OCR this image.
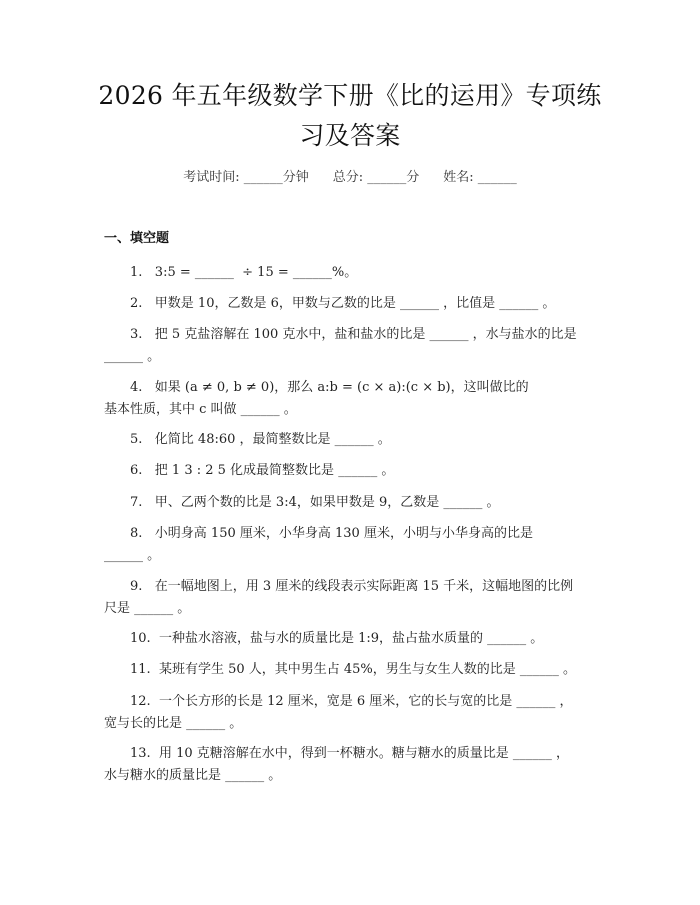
2026 年五年级数学下册《比的运用》专项练
习及答案
考试时间: ______分钟 总分: ______分 姓名: ______
一、填空题
1.   3:5 = ______  ÷ 15 = ______%。
2.   甲数是 10，乙数是 6，甲数与乙数的比是 ______ ，比值是 ______ 。
3.   把 5 克盐溶解在 100 克水中，盐和盐水的比是 ______ ，水与盐水的比是
______ 。
4.   如果 (a ≠ 0, b ≠ 0)，那么 a:b = (c × a):(c × b)，这叫做比的
基本性质，其中 c 叫做 ______ 。
5.   化简比 48:60 ，最简整数比是 ______ 。
6.   把 1 3 : 2 5 化成最简整数比是 ______ 。
7.   甲、乙两个数的比是 3:4，如果甲数是 9，乙数是 ______ 。
8.   小明身高 150 厘米，小华身高 130 厘米，小明与小华身高的比是
______ 。
9.   在一幅地图上，用 3 厘米的线段表示实际距离 15 千米，这幅地图的比例
尺是 ______ 。
10.  一种盐水溶液，盐与水的质量比是 1:9，盐占盐水质量的 ______ 。
11.  某班有学生 50 人，其中男生占 45%，男生与女生人数的比是 ______ 。
12.  一个长方形的长是 12 厘米，宽是 6 厘米，它的长与宽的比是 ______ ，
宽与长的比是 ______ 。
13.  用 10 克糖溶解在水中，得到一杯糖水。糖与糖水的质量比是 ______ ，
水与糖水的质量比是 ______ 。
